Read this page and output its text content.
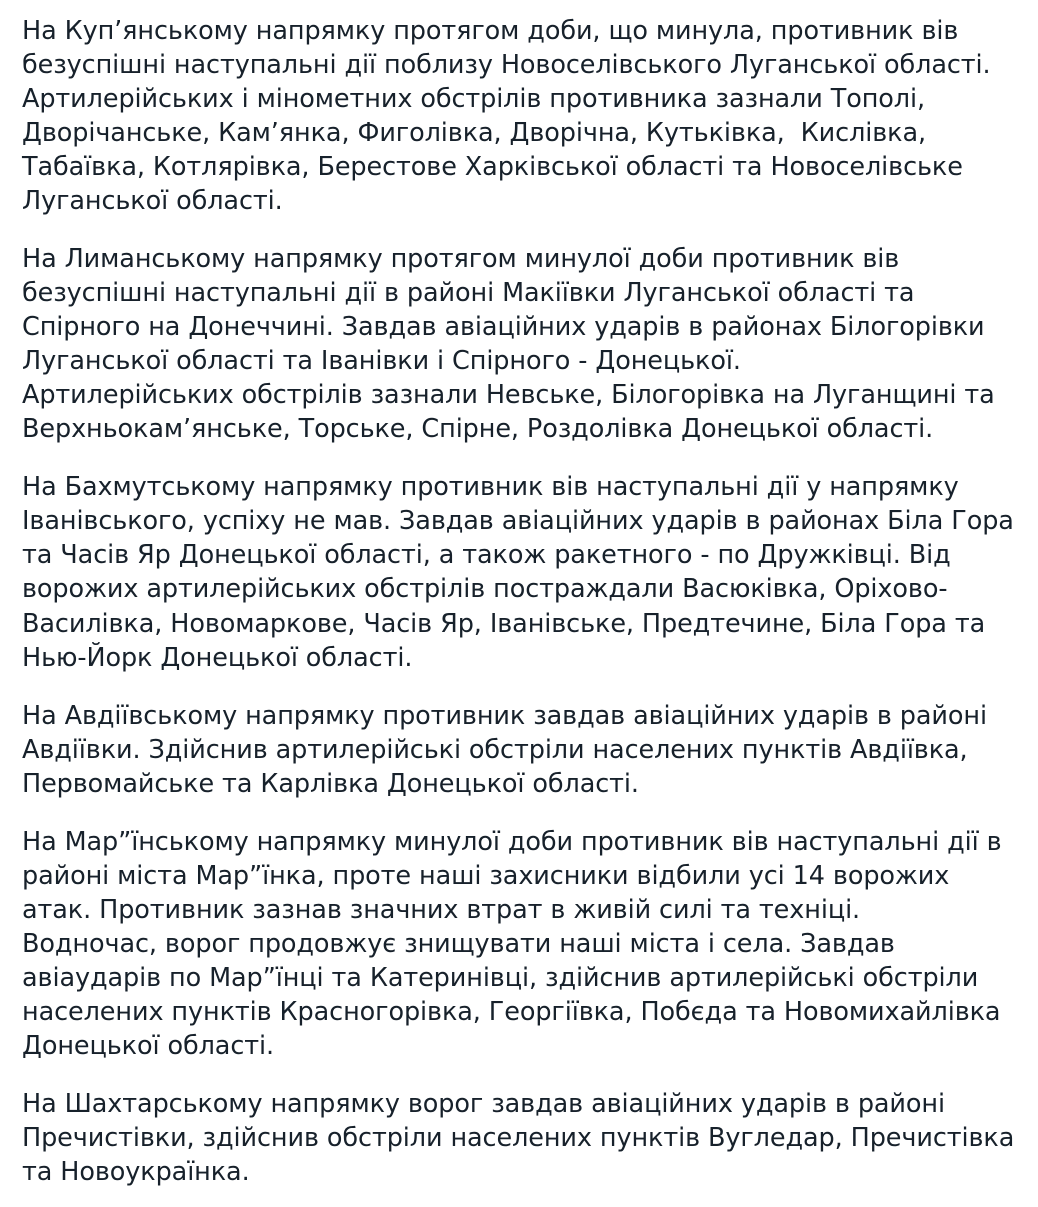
На Куп’янському напрямку протягом доби, що минула, противник вів безуспішні наступальні дії поблизу Новоселівського Луганської області. Артилерійських і мінометних обстрілів противника зазнали Тополі, Дворічанське, Кам’янка, Фиголівка, Дворічна, Кутьківка,  Кислівка, Табаївка, Котлярівка, Берестове Харківської області та Новоселівське Луганської області.

На Лиманському напрямку протягом минулої доби противник вів безуспішні наступальні дії в районі Макіївки Луганської області та Спірного на Донеччині. Завдав авіаційних ударів в районах Білогорівки Луганської області та Іванівки і Спірного - Донецької.

Артилерійських обстрілів зазнали Невське, Білогорівка на Луганщині та Верхньокам’янське, Торське, Спірне, Роздолівка Донецької області.

На Бахмутському напрямку противник вів наступальні дії у напрямку Іванівського, успіху не мав. Завдав авіаційних ударів в районах Біла Гора та Часів Яр Донецької області, а також ракетного - по Дружківці. Від ворожих артилерійських обстрілів постраждали Васюківка, Оріхово-Василівка, Новомаркове, Часів Яр, Іванівське, Предтечине, Біла Гора та Нью-Йорк Донецької області.

На Авдіївському напрямку противник завдав авіаційних ударів в районі Авдіївки. Здійснив артилерійські обстріли населених пунктів Авдіївка, Первомайське та Карлівка Донецької області.

На Мар”їнському напрямку минулої доби противник вів наступальні дії в районі міста Мар”їнка, проте наші захисники відбили усі 14 ворожих атак. Противник зазнав значних втрат в живій силі та техніці.

Водночас, ворог продовжує знищувати наші міста і села. Завдав авіаударів по Мар”їнці та Катеринівці, здійснив артилерійські обстріли населених пунктів Красногорівка, Георгіївка, Побєда та Новомихайлівка Донецької області.

На Шахтарському напрямку ворог завдав авіаційних ударів в районі Пречистівки, здійснив обстріли населених пунктів Вугледар, Пречистівка та Новоукраїнка.
